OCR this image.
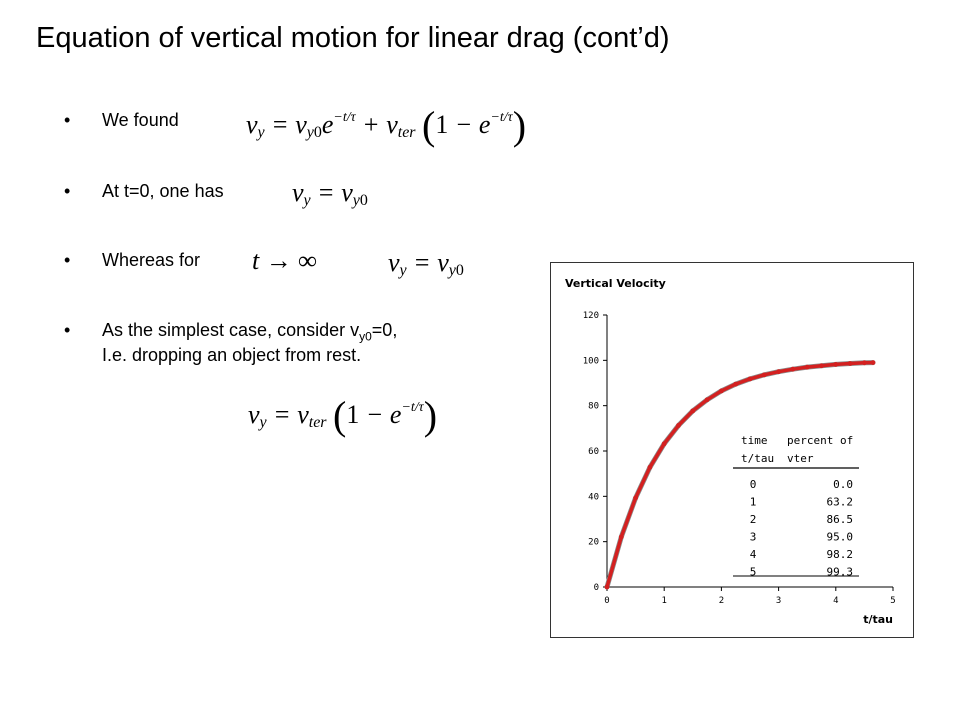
Equation of vertical motion for linear drag (cont’d)
• We found	$v_y = v_{y0}e^{-t/\tau} + v_{ter}$ $(1 - e^{-t/\tau})$
• At t=0, one has	$v_y = v_{y0}$
• Whereas for t → ∞	$v_y = v_{y0}$
• As the simplest case, consider $v_{y0}=0$,
I.e. dropping an object from rest.
$v_y = v_{ter}$ $(1 - e^{-t/\tau})$
Vertical Velocity
0
20
40
60
80
100
120
0	1	2	3	4	5
t/tau
time percent of
t/tau vter
0	0.0
1	63.2
2	86.5
3	95.0
4	98.2
5	99.3
